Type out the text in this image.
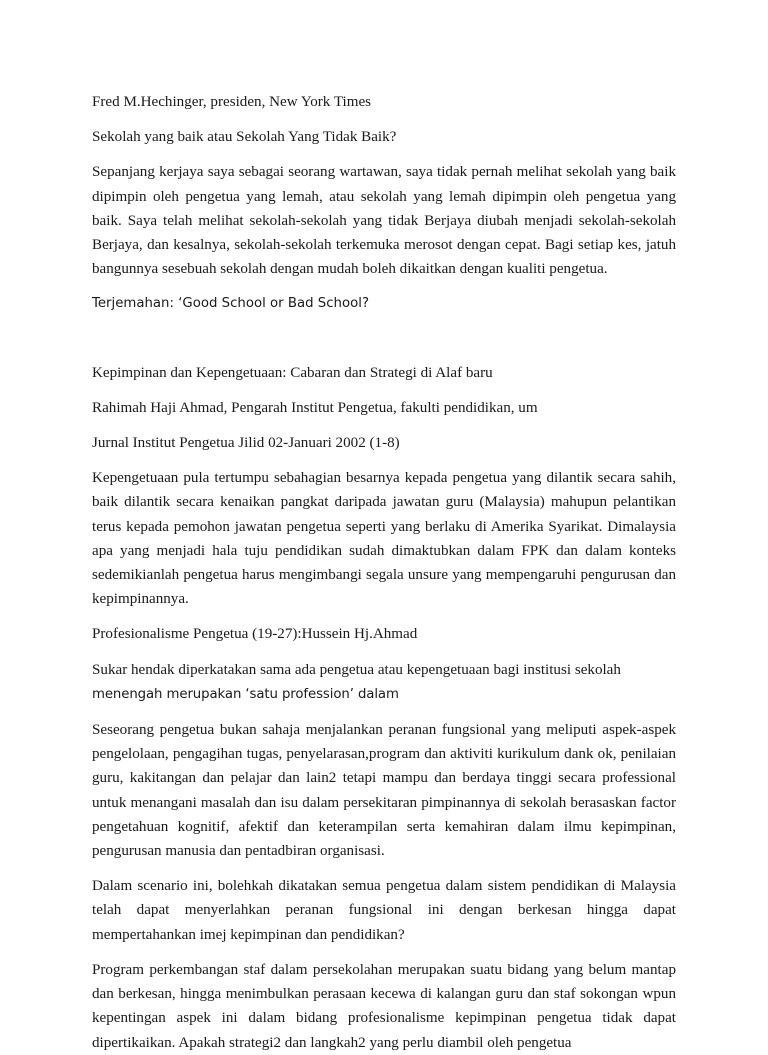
Fred M.Hechinger, presiden, New York Times

Sekolah yang baik atau Sekolah Yang Tidak Baik?

Sepanjang kerjaya saya sebagai seorang wartawan, saya tidak pernah melihat sekolah yang baik dipimpin oleh pengetua yang lemah, atau sekolah yang lemah dipimpin oleh pengetua yang baik. Saya telah melihat sekolah-sekolah yang tidak Berjaya diubah menjadi sekolah-sekolah Berjaya, dan kesalnya, sekolah-sekolah terkemuka merosot dengan cepat. Bagi setiap kes, jatuh bangunnya sesebuah sekolah dengan mudah boleh dikaitkan dengan kualiti pengetua.

Terjemahan: ‘Good School or Bad School?

Kepimpinan dan Kepengetuaan: Cabaran dan Strategi di Alaf baru

Rahimah Haji Ahmad, Pengarah Institut Pengetua, fakulti pendidikan, um

Jurnal Institut Pengetua Jilid 02-Januari 2002 (1-8)

Kepengetuaan pula tertumpu sebahagian besarnya kepada pengetua yang dilantik secara sahih, baik dilantik secara kenaikan pangkat daripada jawatan guru (Malaysia) mahupun pelantikan terus kepada pemohon jawatan pengetua seperti yang berlaku di Amerika Syarikat. Dimalaysia apa yang menjadi hala tuju pendidikan sudah dimaktubkan dalam FPK dan dalam konteks sedemikianlah pengetua harus mengimbangi segala unsure yang mempengaruhi pengurusan dan kepimpinannya.

Profesionalisme Pengetua (19-27):Hussein Hj.Ahmad

Sukar hendak diperkatakan sama ada pengetua atau kepengetuaan bagi institusi sekolah
menengah merupakan ‘satu profession’ dalam

Seseorang pengetua bukan sahaja menjalankan peranan fungsional yang meliputi aspek-aspek pengelolaan, pengagihan tugas, penyelarasan,program dan aktiviti kurikulum dank ok, penilaian guru, kakitangan dan pelajar dan lain2 tetapi mampu dan berdaya tinggi secara professional untuk menangani masalah dan isu dalam persekitaran pimpinannya di sekolah berasaskan factor pengetahuan kognitif, afektif dan keterampilan serta kemahiran dalam ilmu kepimpinan, pengurusan manusia dan pentadbiran organisasi.

Dalam scenario ini, bolehkah dikatakan semua pengetua dalam sistem pendidikan di Malaysia telah dapat menyerlahkan peranan fungsional ini dengan berkesan hingga dapat mempertahankan imej kepimpinan dan pendidikan?

Program perkembangan staf dalam persekolahan merupakan suatu bidang yang belum mantap dan berkesan, hingga menimbulkan perasaan kecewa di kalangan guru dan staf sokongan wpun kepentingan aspek ini dalam bidang profesionalisme kepimpinan pengetua tidak dapat dipertikaikan. Apakah strategi2 dan langkah2 yang perlu diambil oleh pengetua
